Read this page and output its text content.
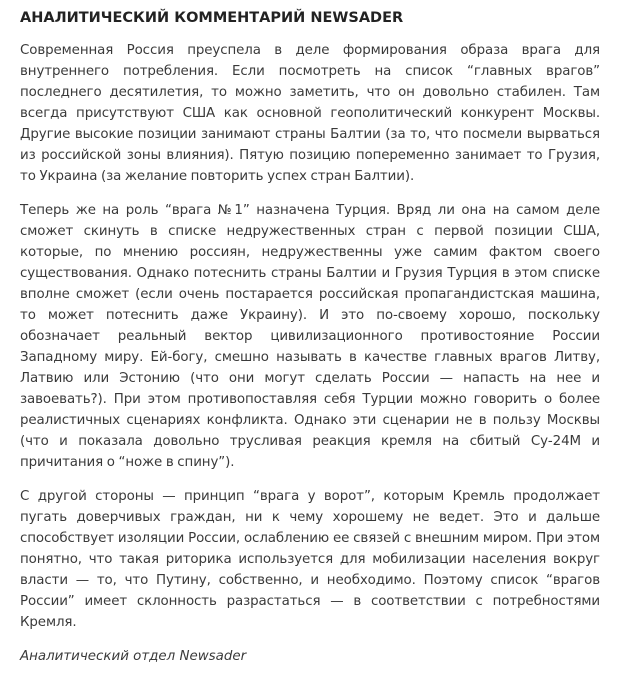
АНАЛИТИЧЕСКИЙ КОММЕНТАРИЙ NEWSADER

Современная Россия преуспела в деле формирования образа врага для внутреннего потребления. Если посмотреть на список “главных врагов” последнего десятилетия, то можно заметить, что он довольно стабилен. Там всегда присутствуют США как основной геополитический конкурент Москвы. Другие высокие позиции занимают страны Балтии (за то, что посмели вырваться из российской зоны влияния). Пятую позицию попеременно занимает то Грузия, то Украина (за желание повторить успех стран Балтии).

Теперь же на роль “врага №1” назначена Турция. Вряд ли она на самом деле сможет скинуть в списке недружественных стран с первой позиции США, которые, по мнению россиян, недружественны уже самим фактом своего существования. Однако потеснить страны Балтии и Грузия Турция в этом списке вполне сможет (если очень постарается российская пропагандистская машина, то может потеснить даже Украину). И это по-своему хорошо, поскольку обозначает реальный вектор цивилизационного противостояние России Западному миру. Ей-богу, смешно называть в качестве главных врагов Литву, Латвию или Эстонию (что они могут сделать России — напасть на нее и завоевать?). При этом противопоставляя себя Турции можно говорить о более реалистичных сценариях конфликта. Однако эти сценарии не в пользу Москвы (что и показала довольно трусливая реакция кремля на сбитый Су-24М и причитания о “ноже в спину”).

С другой стороны — принцип “врага у ворот”, которым Кремль продолжает пугать доверчивых граждан, ни к чему хорошему не ведет. Это и дальше способствует изоляции России, ослаблению ее связей с внешним миром. При этом понятно, что такая риторика используется для мобилизации населения вокруг власти — то, что Путину, собственно, и необходимо. Поэтому список “врагов России” имеет склонность разрастаться — в соответствии с потребностями Кремля.

Аналитический отдел Newsader
